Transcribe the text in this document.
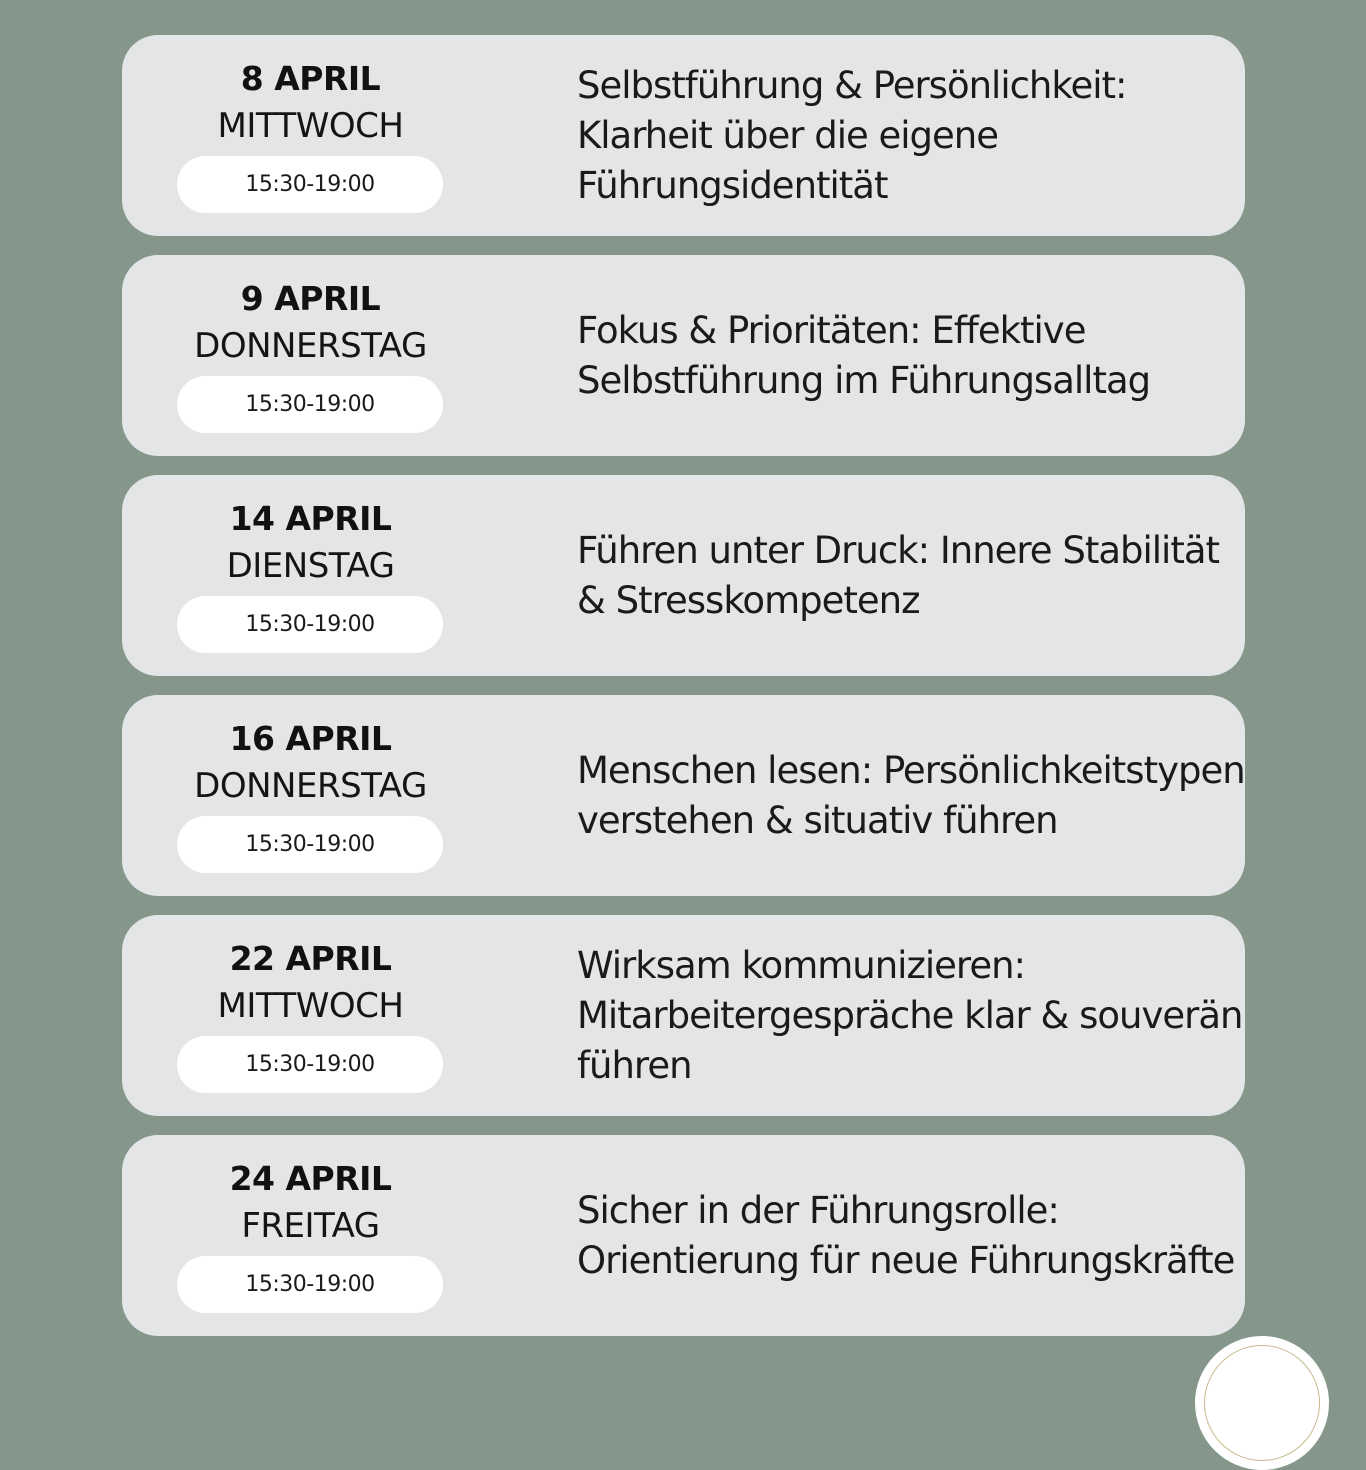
8 APRIL
MITTWOCH
15:30-19:00
Selbstführung & Persönlichkeit: Klarheit über die eigene Führungsidentität
9 APRIL
DONNERSTAG
15:30-19:00
Fokus & Prioritäten: Effektive Selbstführung im Führungsalltag
14 APRIL
DIENSTAG
15:30-19:00
Führen unter Druck: Innere Stabilität & Stresskompetenz
16 APRIL
DONNERSTAG
15:30-19:00
Menschen lesen: Persönlichkeitstypen verstehen & situativ führen
22 APRIL
MITTWOCH
15:30-19:00
Wirksam kommunizieren: Mitarbeitergespräche klar & souverän führen
24 APRIL
FREITAG
15:30-19:00
Sicher in der Führungsrolle: Orientierung für neue Führungskräfte
